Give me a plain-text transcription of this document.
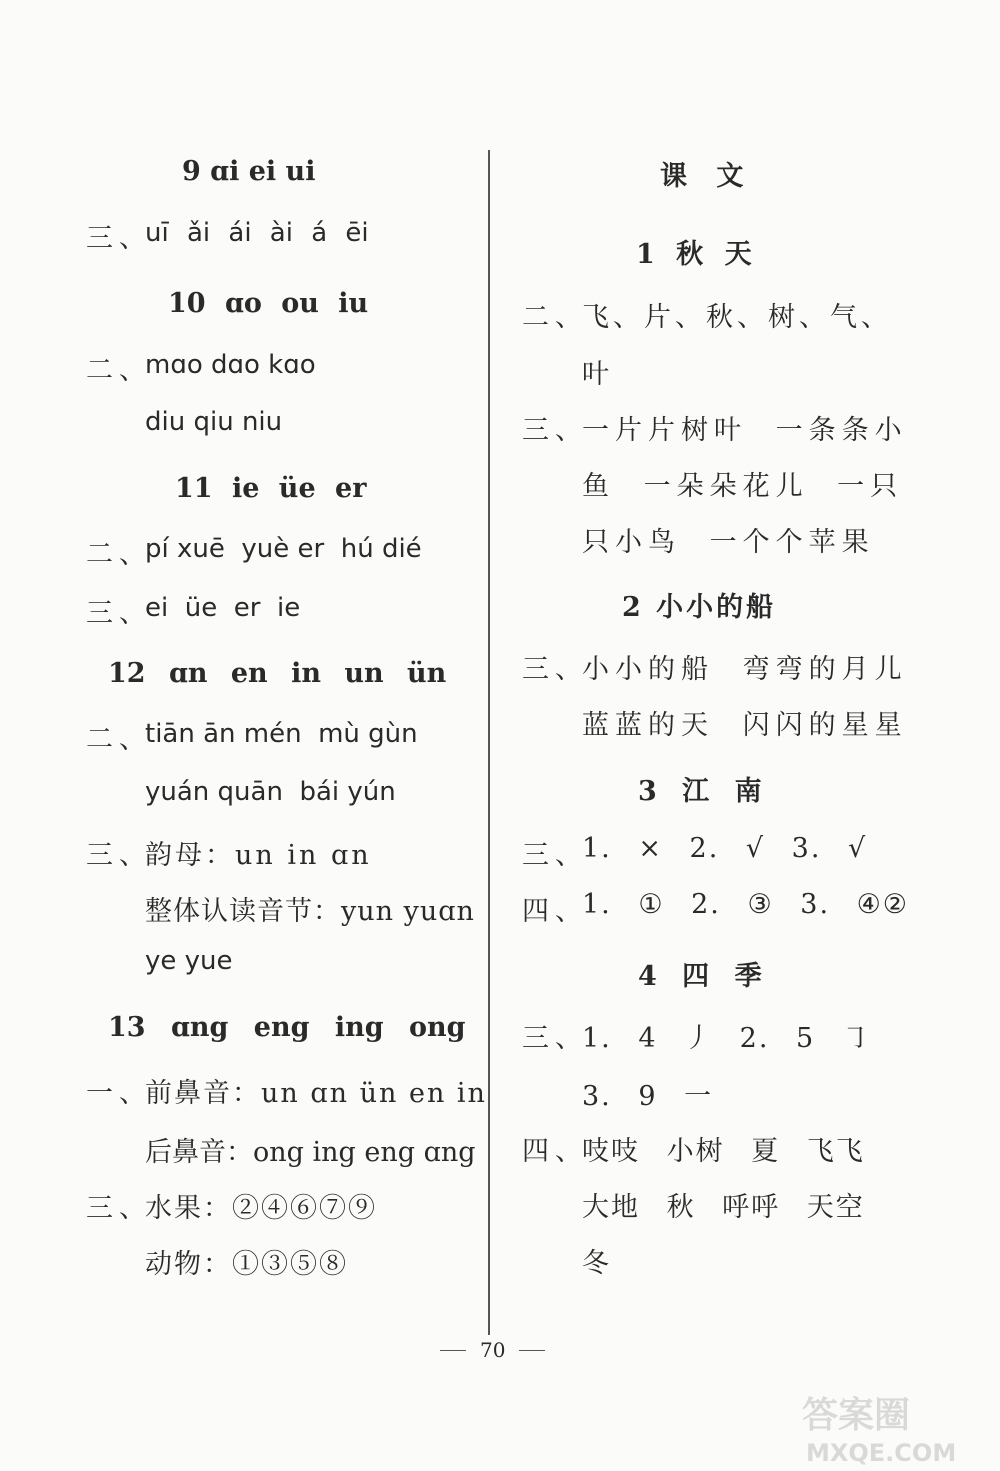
9 ɑi ei ui
三、
uī ǎi ái ài á ēi
10 ɑo ou iu
二、
mɑo dɑo kɑo
diu qiu niu
11 ie üe er
二、
pí xuē  yuè er  hú dié
三、
ei  üe  er  ie
12 ɑn en in un ün
二、
tiān ān mén  mù gùn
yuán quān  bái yún
三、
韵母：un in ɑn
整体认读音节：yun yuɑn
ye yue
13 ɑng eng ing ong
一、
前鼻音：un ɑn ün en in
后鼻音：ong ing eng ɑng
三、
水果：②④⑥⑦⑨
动物：①③⑤⑧
课 文
1 秋 天
二、
飞、片、秋、树、气、
叶
三、
一片片树叶 一条条小
鱼 一朵朵花儿 一只
只小鸟 一个个苹果
2 小小的船
三、
小小的船 弯弯的月儿
蓝蓝的天 闪闪的星星
3 江 南
三、
1. × 2. √ 3. √
四、
1. ① 2. ③ 3. ④②
4 四 季
三、
1. 4 丿 2. 5 ㇆
3. 9 一
四、
吱吱 小树 夏 飞飞
大地 秋 呼呼 天空
冬
70
答案圈
MXQE.COM
